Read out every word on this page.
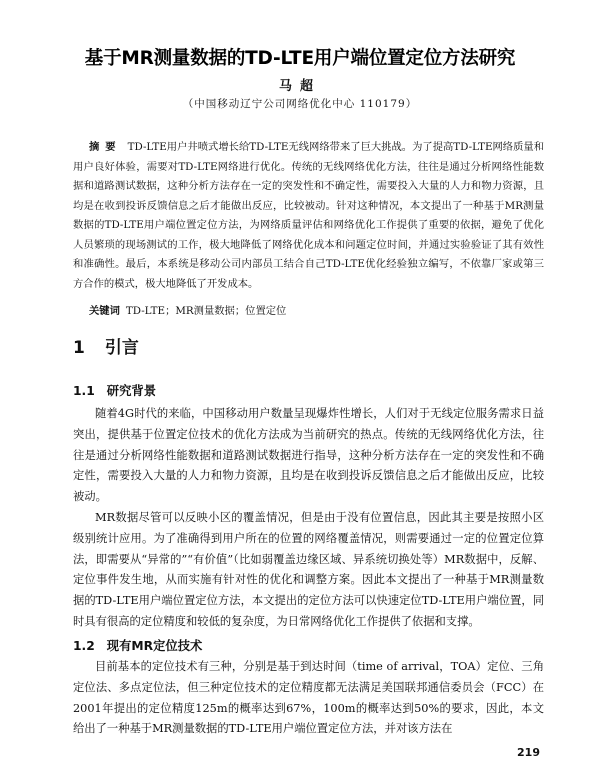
基于MR测量数据的TD-LTE用户端位置定位方法研究
马超
（中国移动辽宁公司网络优化中心 110179）
摘要 TD-LTE用户井喷式增长给TD-LTE无线网络带来了巨大挑战。为了提高TD-LTE网络质量和用户良好体验，需要对TD-LTE网络进行优化。传统的无线网络优化方法，往往是通过分析网络性能数据和道路测试数据，这种分析方法存在一定的突发性和不确定性，需要投入大量的人力和物力资源，且均是在收到投诉反馈信息之后才能做出反应，比较被动。针对这种情况，本文提出了一种基于MR测量数据的TD-LTE用户端位置定位方法，为网络质量评估和网络优化工作提供了重要的依据，避免了优化人员繁琐的现场测试的工作，极大地降低了网络优化成本和问题定位时间，并通过实验验证了其有效性和准确性。最后，本系统是移动公司内部员工结合自己TD-LTE优化经验独立编写，不依靠厂家或第三方合作的模式，极大地降低了开发成本。
关键词 TD-LTE；MR测量数据；位置定位
1 引言
1.1 研究背景

随着4G时代的来临，中国移动用户数量呈现爆炸性增长，人们对于无线定位服务需求日益突出，提供基于位置定位技术的优化方法成为当前研究的热点。传统的无线网络优化方法，往往是通过分析网络性能数据和道路测试数据进行指导，这种分析方法存在一定的突发性和不确定性，需要投入大量的人力和物力资源，且均是在收到投诉反馈信息之后才能做出反应，比较被动。

MR数据尽管可以反映小区的覆盖情况，但是由于没有位置信息，因此其主要是按照小区级别统计应用。为了准确得到用户所在的位置的网络覆盖情况，则需要通过一定的位置定位算法，即需要从“异常的”“有价值”（比如弱覆盖边缘区域、异系统切换处等）MR数据中，反解、定位事件发生地，从而实施有针对性的优化和调整方案。因此本文提出了一种基于MR测量数据的TD-LTE用户端位置定位方法，本文提出的定位方法可以快速定位TD-LTE用户端位置，同时具有很高的定位精度和较低的复杂度，为日常网络优化工作提供了依据和支撑。

1.2 现有MR定位技术

目前基本的定位技术有三种，分别是基于到达时间（time of arrival，TOA）定位、三角定位法、多点定位法，但三种定位技术的定位精度都无法满足美国联邦通信委员会（FCC）在2001年提出的定位精度125m的概率达到67%，100m的概率达到50%的要求，因此，本文给出了一种基于MR测量数据的TD-LTE用户端位置定位方法，并对该方法在

219
